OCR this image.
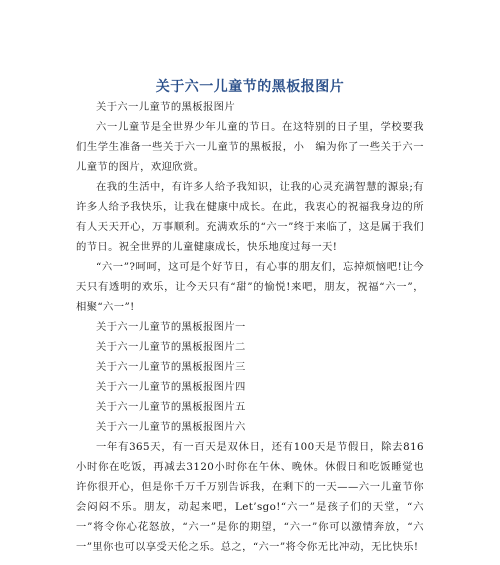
关于六一儿童节的黑板报图片

关于六一儿童节的黑板报图片

六一儿童节是全世界少年儿童的节日。在这特别的日子里，学校要我们生学生准备一些关于六一儿童节的黑板报，小　编为你了一些关于六一儿童节的图片，欢迎欣赏。

在我的生活中，有许多人给予我知识，让我的心灵充满智慧的源泉;有许多人给予我快乐，让我在健康中成长。在此，我衷心的祝福我身边的所有人天天开心，万事顺利。充满欢乐的“六一”终于来临了，这是属于我们的节日。祝全世界的儿童健康成长，快乐地度过每一天!

“六一”?呵呵，这可是个好节日，有心事的朋友们，忘掉烦恼吧!让今天只有透明的欢乐，让今天只有“甜”的愉悦!来吧，朋友，祝福“六一”，相聚“六一”!

关于六一儿童节的黑板报图片一

关于六一儿童节的黑板报图片二

关于六一儿童节的黑板报图片三

关于六一儿童节的黑板报图片四

关于六一儿童节的黑板报图片五

关于六一儿童节的黑板报图片六

一年有365天，有一百天是双休日，还有100天是节假日，除去816小时你在吃饭，再减去3120小时你在午休、晚休。休假日和吃饭睡觉也许你很开心，但是你千万千万别告诉我，在剩下的一天——六一儿童节你会闷闷不乐。朋友，动起来吧，Let’sgo!“六一”是孩子们的天堂，“六一”将令你心花怒放，“六一”是你的期望，“六一”你可以激情奔放，“六一”里你也可以享受天伦之乐。总之，“六一”将令你无比冲动，无比快乐!
